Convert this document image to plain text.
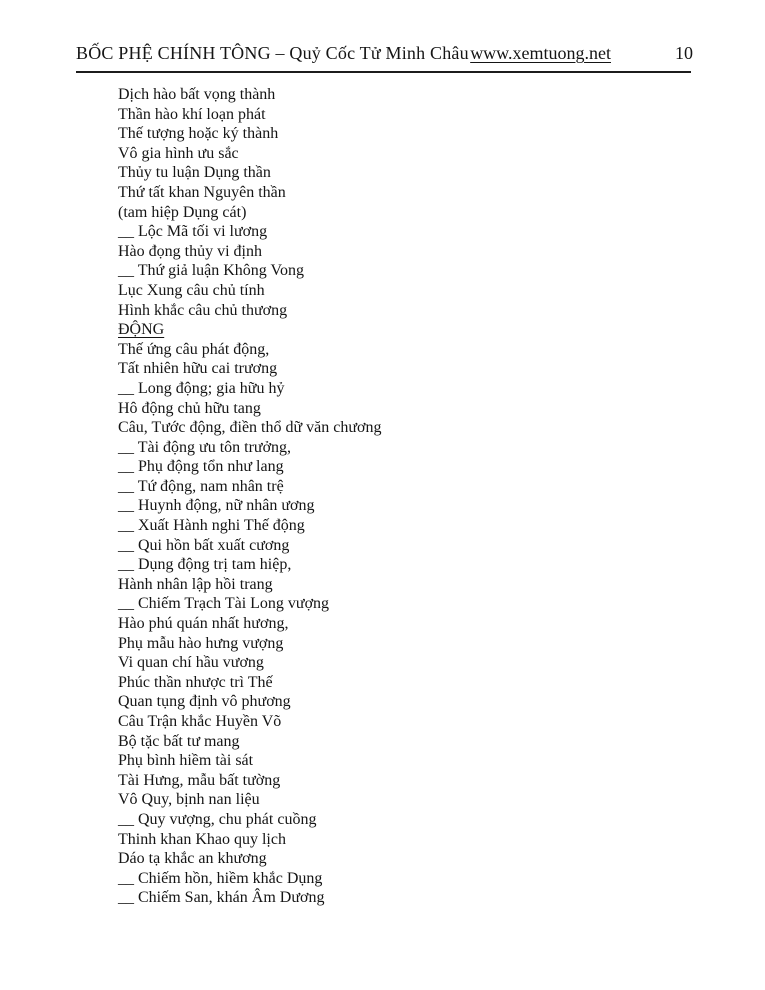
BỐC PHỆ CHÍNH TÔNG – Quỷ Cốc Tử Minh Châu www.xemtuong.net	10
Dịch hào bất vọng thành
Thần hào khí loạn phát
Thế tượng hoặc ký thành
Vô gia hình ưu sắc
Thủy tu luận Dụng thần
Thứ tất khan Nguyên thần
(tam hiệp Dụng cát)
__ Lộc Mã tối vi lương
Hào đọng thủy vi định
__ Thứ giả luận Không Vong
Lục Xung câu chủ tính
Hình khắc câu chủ thương
ĐỘNG
Thế ứng câu phát động,
Tất nhiên hữu cai trương
__ Long động; gia hữu hỷ
Hô động chủ hữu tang
Câu, Tước động, điền thổ dữ văn chương
__ Tài động ưu tôn trưởng,
__ Phụ động tổn như lang
__ Tứ động, nam nhân trệ
__ Huynh động, nữ nhân ương
__ Xuất Hành nghi Thế động
__ Qui hồn bất xuất cương
__ Dụng động trị tam hiệp,
Hành nhân lập hồi trang
__ Chiếm Trạch Tài Long vượng
Hào phú quán nhất hương,
Phụ mẫu hào hưng vượng
Vi quan chí hầu vương
Phúc thần nhược trì Thế
Quan tụng định vô phương
Câu Trận khắc Huyền Võ
Bộ tặc bất tư mang
Phụ bình hiềm tài sát
Tài Hưng, mẫu bất tường
Vô Quy, bịnh nan liệu
__ Quy vượng, chu phát cuồng
Thinh khan Khao quy lịch
Dáo tạ khắc an khương
__ Chiếm hồn, hiềm khắc Dụng
__ Chiếm San, khán Âm Dương
